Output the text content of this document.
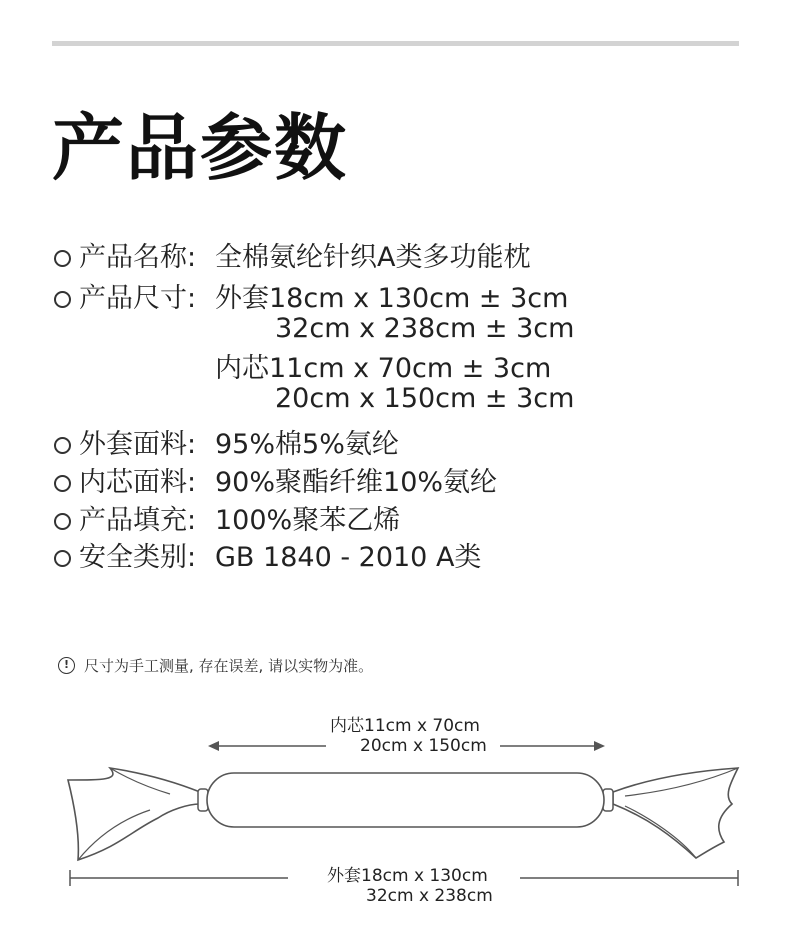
产品参数
产品名称: 全棉氨纶针织A类多功能枕
产品尺寸: 外套18cm x 130cm ± 3cm
32cm x 238cm ± 3cm
内芯11cm x 70cm ± 3cm
20cm x 150cm ± 3cm
外套面料: 95%棉5%氨纶
内芯面料: 90%聚酯纤维10%氨纶
产品填充: 100%聚苯乙烯
安全类别: GB 1840 - 2010 A类
! 尺寸为手工测量, 存在误差, 请以实物为准。
内芯11cm x 70cm
20cm x 150cm
外套18cm x 130cm
32cm x 238cm
